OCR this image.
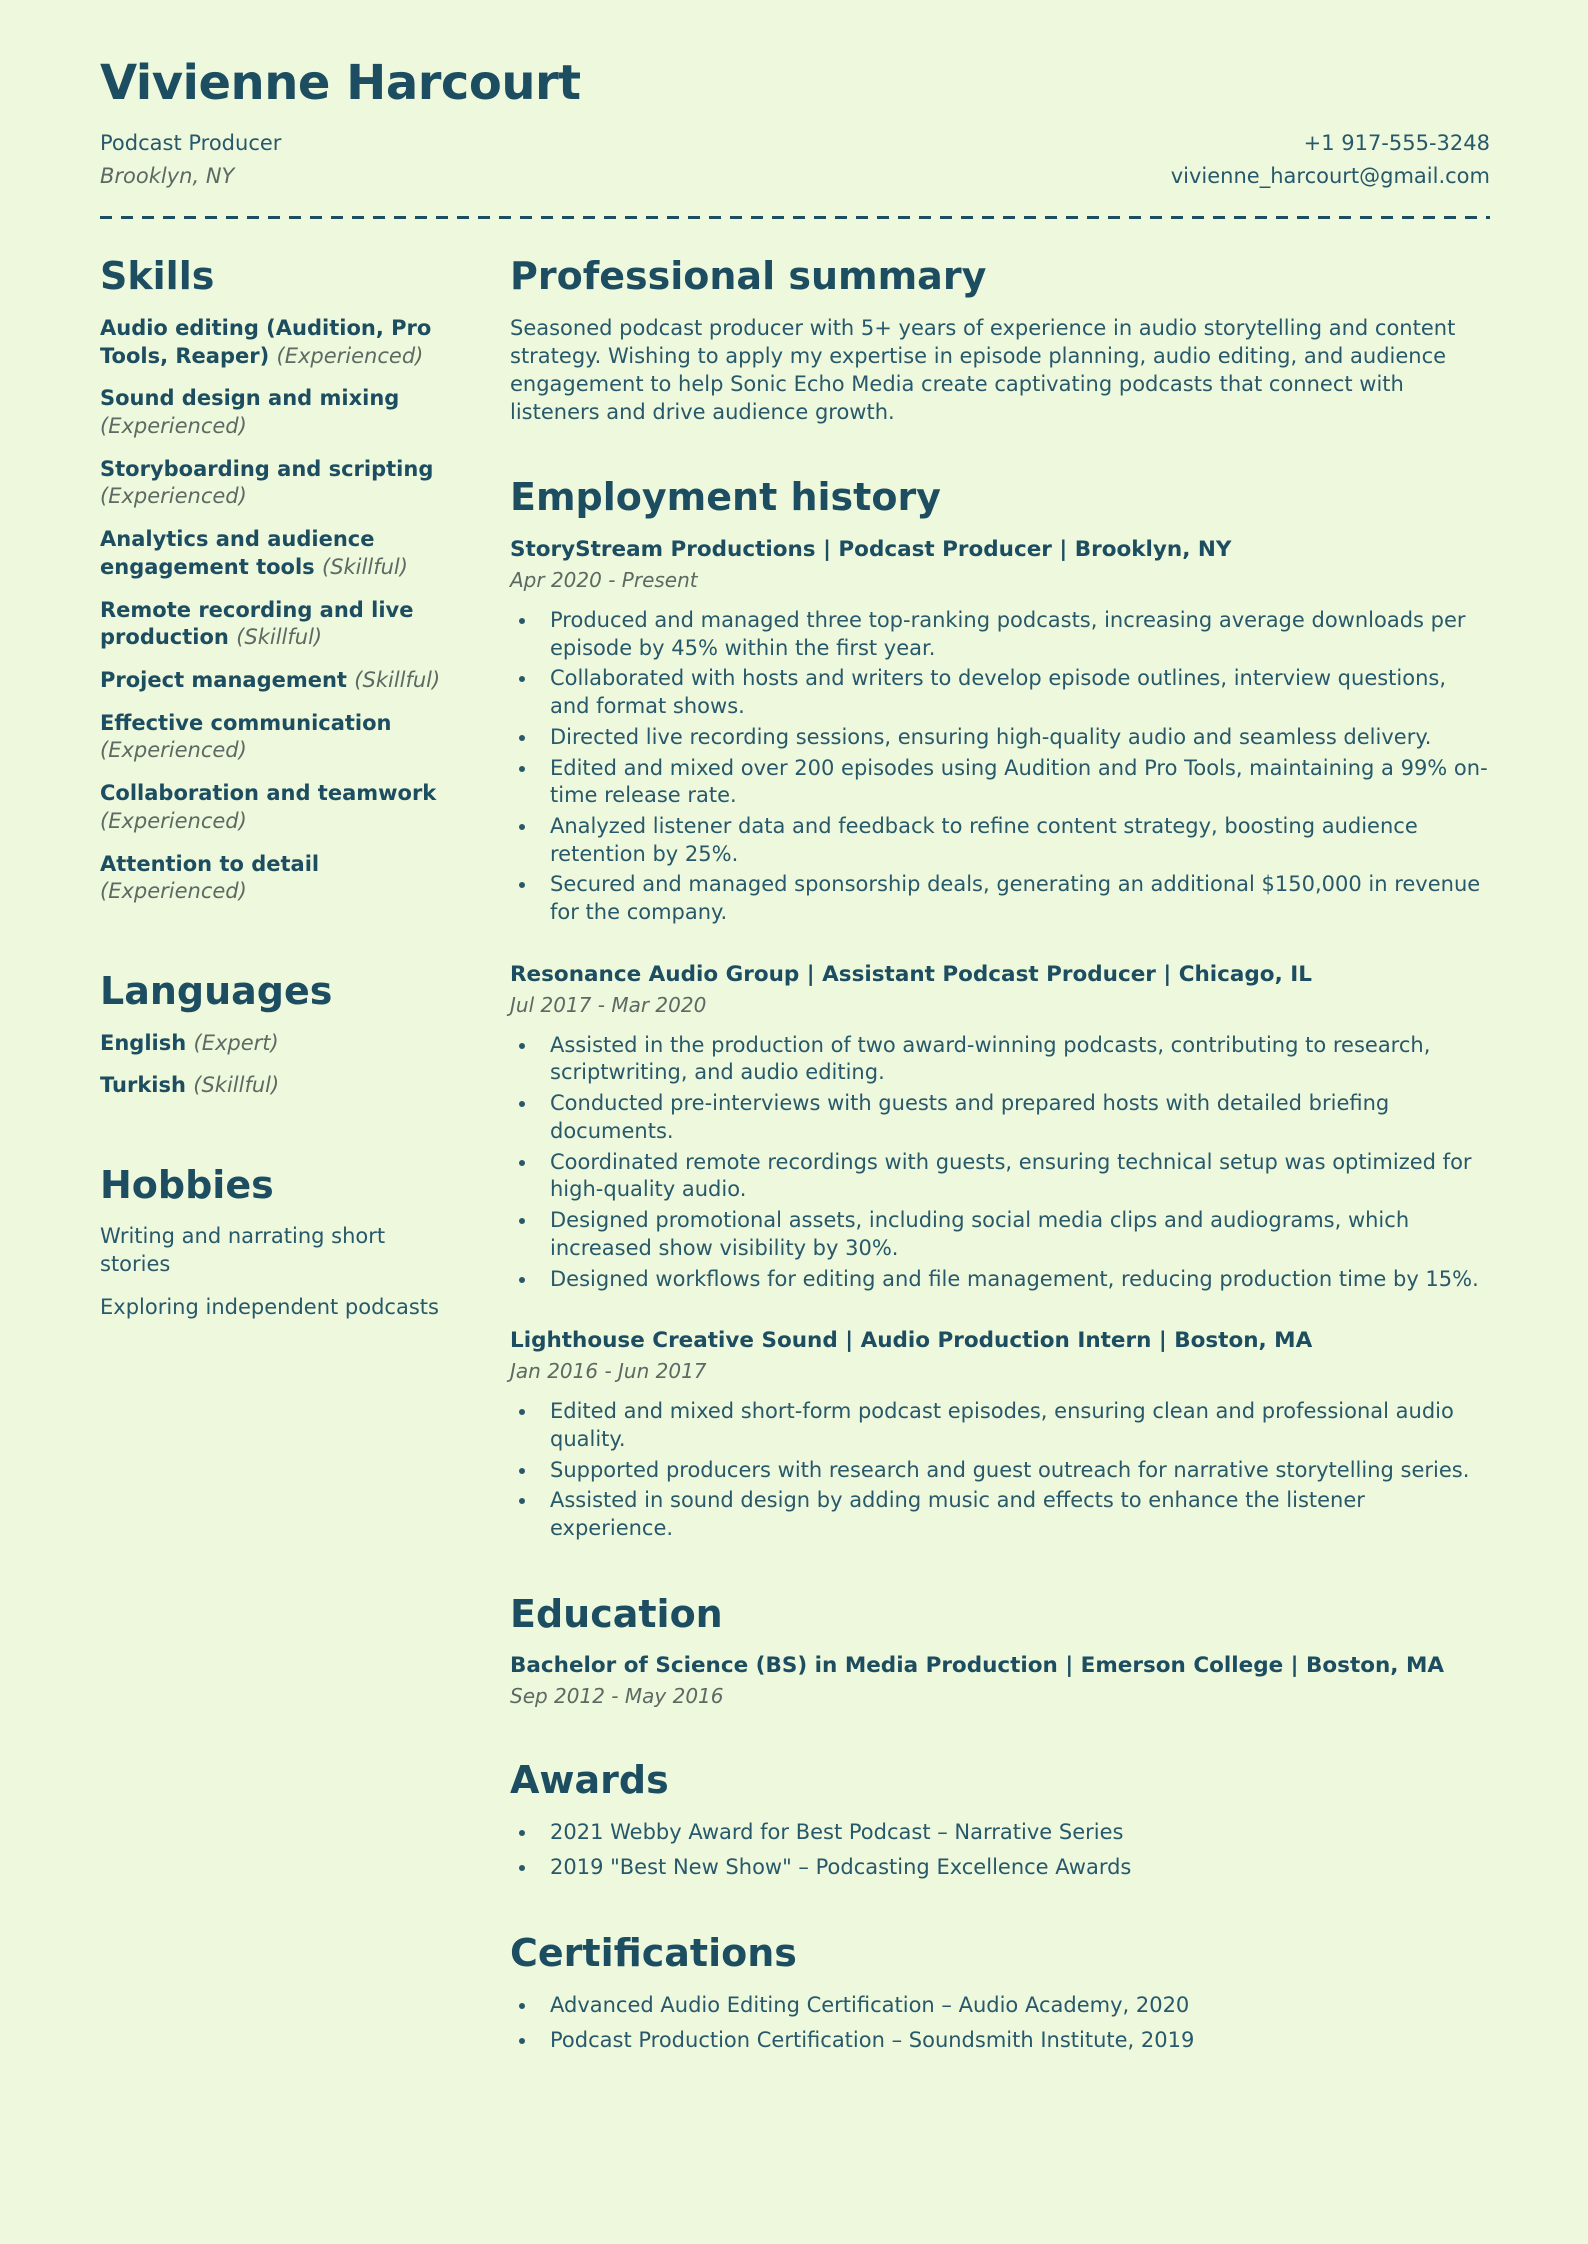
Vivienne Harcourt
Podcast Producer
Brooklyn, NY
+1 917-555-3248
vivienne_harcourt@gmail.com
Skills
Audio editing (Audition, Pro Tools, Reaper) (Experienced)
Sound design and mixing (Experienced)
Storyboarding and scripting (Experienced)
Analytics and audience engagement tools (Skillful)
Remote recording and live production (Skillful)
Project management (Skillful)
Effective communication (Experienced)
Collaboration and teamwork (Experienced)
Attention to detail (Experienced)
Languages
English (Expert)
Turkish (Skillful)
Hobbies
Writing and narrating short stories
Exploring independent podcasts
Professional summary

Seasoned podcast producer with 5+ years of experience in audio storytelling and content strategy. Wishing to apply my expertise in episode planning, audio editing, and audience engagement to help Sonic Echo Media create captivating podcasts that connect with listeners and drive audience growth.

Employment history
StoryStream Productions | Podcast Producer | Brooklyn, NY
Apr 2020 - Present
• Produced and managed three top-ranking podcasts, increasing average downloads per episode by 45% within the first year.
• Collaborated with hosts and writers to develop episode outlines, interview questions, and format shows.
• Directed live recording sessions, ensuring high-quality audio and seamless delivery.
• Edited and mixed over 200 episodes using Audition and Pro Tools, maintaining a 99% on-time release rate.
• Analyzed listener data and feedback to refine content strategy, boosting audience retention by 25%.
• Secured and managed sponsorship deals, generating an additional $150,000 in revenue for the company.
Resonance Audio Group | Assistant Podcast Producer | Chicago, IL
Jul 2017 - Mar 2020
• Assisted in the production of two award-winning podcasts, contributing to research, scriptwriting, and audio editing.
• Conducted pre-interviews with guests and prepared hosts with detailed briefing documents.
• Coordinated remote recordings with guests, ensuring technical setup was optimized for high-quality audio.
• Designed promotional assets, including social media clips and audiograms, which increased show visibility by 30%.
• Designed workflows for editing and file management, reducing production time by 15%.
Lighthouse Creative Sound | Audio Production Intern | Boston, MA
Jan 2016 - Jun 2017
• Edited and mixed short-form podcast episodes, ensuring clean and professional audio quality.
• Supported producers with research and guest outreach for narrative storytelling series.
• Assisted in sound design by adding music and effects to enhance the listener experience.
Education
Bachelor of Science (BS) in Media Production | Emerson College | Boston, MA
Sep 2012 - May 2016
Awards
• 2021 Webby Award for Best Podcast – Narrative Series
• 2019 "Best New Show" – Podcasting Excellence Awards
Certifications
• Advanced Audio Editing Certification – Audio Academy, 2020
• Podcast Production Certification – Soundsmith Institute, 2019
